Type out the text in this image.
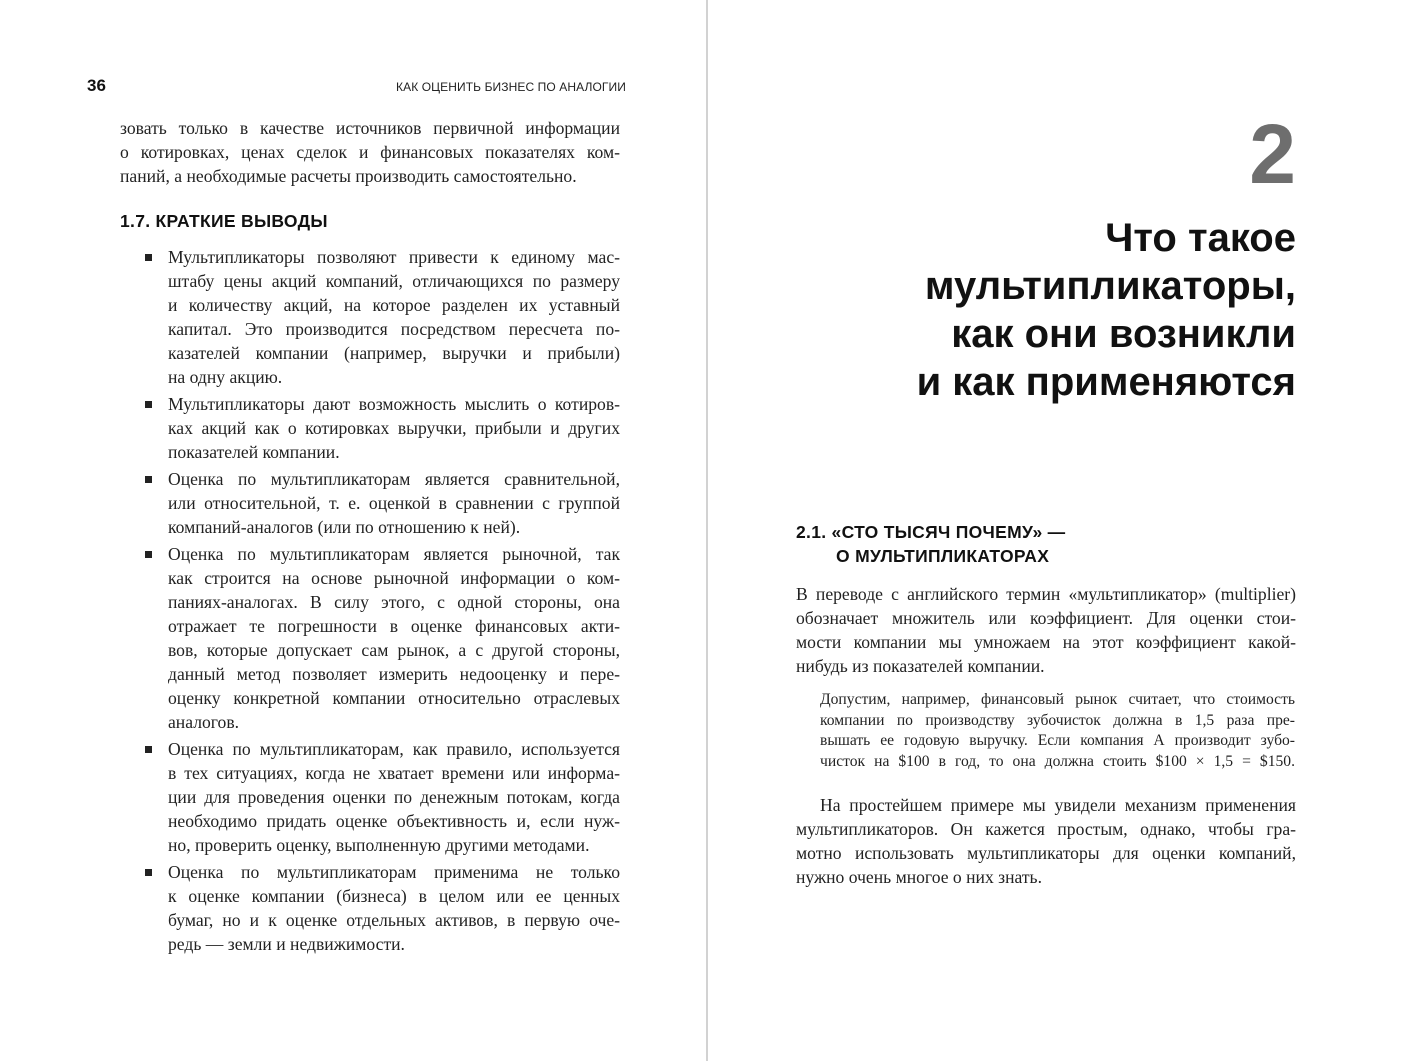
36	КАК ОЦЕНИТЬ БИЗНЕС ПО АНАЛОГИИ
зовать только в качестве источников первичной информации
о котировках, ценах сделок и финансовых показателях ком-
паний, а необходимые расчеты производить самостоятельно.
1.7. КРАТКИЕ ВЫВОДЫ
Мультипликаторы позволяют привести к единому мас-
штабу цены акций компаний, отличающихся по размеру
и количеству акций, на которое разделен их уставный
капитал. Это производится посредством пересчета по-
казателей компании (например, выручки и прибыли)
на одну акцию.
Мультипликаторы дают возможность мыслить о котиров-
ках акций как о котировках выручки, прибыли и других
показателей компании.
Оценка по мультипликаторам является сравнительной,
или относительной, т. е. оценкой в сравнении с группой
компаний-аналогов (или по отношению к ней).
Оценка по мультипликаторам является рыночной, так
как строится на основе рыночной информации о ком-
паниях-аналогах. В силу этого, с одной стороны, она
отражает те погрешности в оценке финансовых акти-
вов, которые допускает сам рынок, а с другой стороны,
данный метод позволяет измерить недооценку и пере-
оценку конкретной компании относительно отраслевых
аналогов.
Оценка по мультипликаторам, как правило, используется
в тех ситуациях, когда не хватает времени или информа-
ции для проведения оценки по денежным потокам, когда
необходимо придать оценке объективность и, если нуж-
но, проверить оценку, выполненную другими методами.
Оценка по мультипликаторам применима не только
к оценке компании (бизнеса) в целом или ее ценных
бумаг, но и к оценке отдельных активов, в первую оче-
редь — земли и недвижимости.
2
Что такое
мультипликаторы,
как они возникли
и как применяются
2.1. «СТО ТЫСЯЧ ПОЧЕМУ» —
О МУЛЬТИПЛИКАТОРАХ
В переводе с английского термин «мультипликатор» (multiplier)
обозначает множитель или коэффициент. Для оценки стои-
мости компании мы умножаем на этот коэффициент какой-
нибудь из показателей компании.
Допустим, например, финансовый рынок считает, что стоимость
компании по производству зубочисток должна в 1,5 раза пре-
вышать ее годовую выручку. Если компания А производит зубо-
чисток на $100 в год, то она должна стоить $100 × 1,5 = $150.
На простейшем примере мы увидели механизм применения
мультипликаторов. Он кажется простым, однако, чтобы гра-
мотно использовать мультипликаторы для оценки компаний,
нужно очень многое о них знать.
